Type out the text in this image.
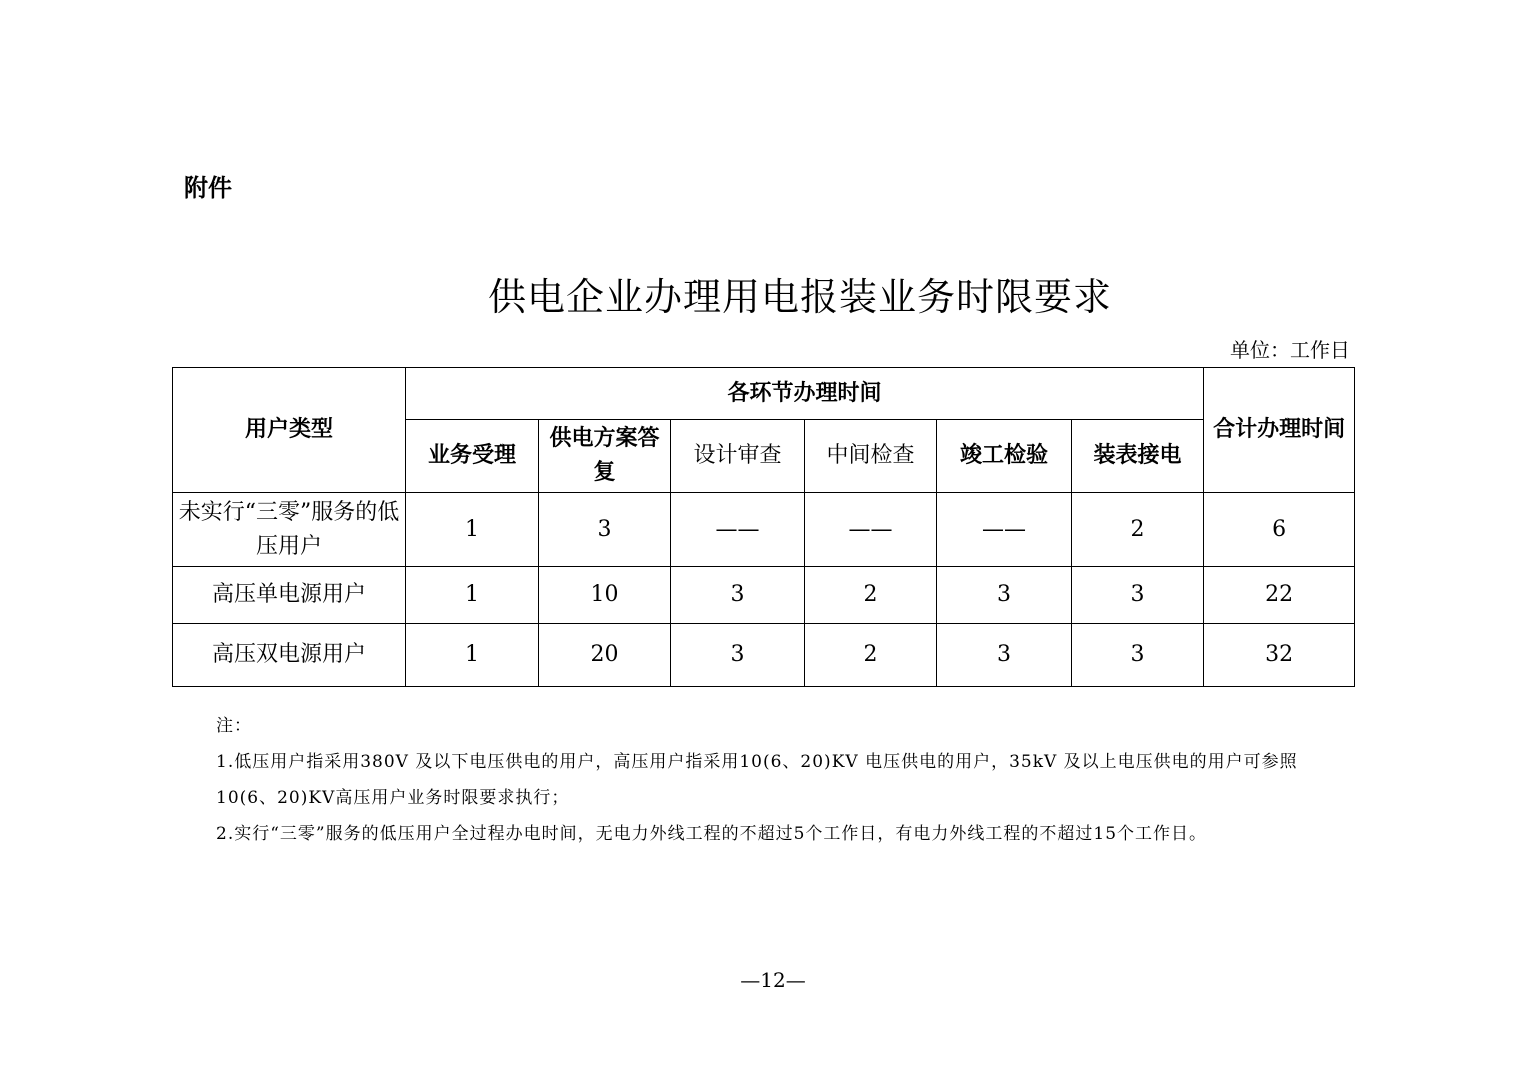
附件
供电企业办理用电报装业务时限要求
单位：工作日
用户类型	各环节办理时间						合计办理时间
	业务受理	供电方案答复	设计审查	中间检查	竣工检验	装表接电	
未实行“三零”服务的低压用户	1	3	——	——	——	2	6
高压单电源用户	1	10	3	2	3	3	22
高压双电源用户	1	20	3	2	3	3	32

注：

1.低压用户指采用380V 及以下电压供电的用户，高压用户指采用10(6、20)KV 电压供电的用户，35kV 及以上电压供电的用户可参照10(6、20)KV高压用户业务时限要求执行；

2.实行“三零”服务的低压用户全过程办电时间，无电力外线工程的不超过5个工作日，有电力外线工程的不超过15个工作日。

—12—
